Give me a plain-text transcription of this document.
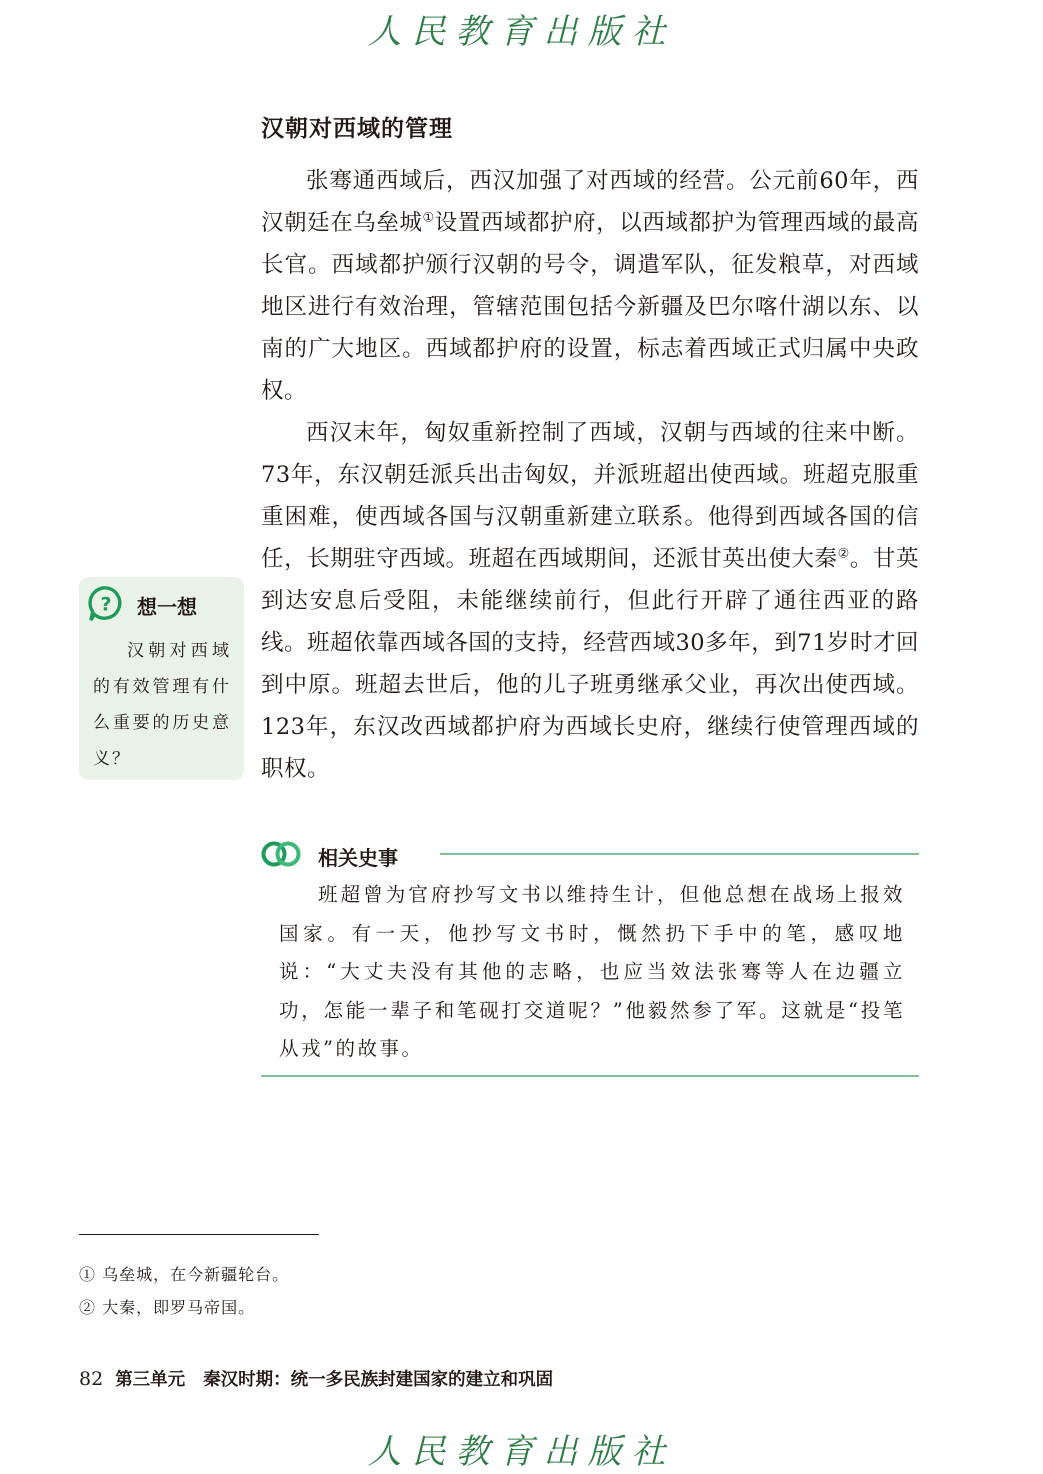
人民教育出版社
汉朝对西域的管理

张骞通西域后，西汉加强了对西域的经营。公元前60年，西汉朝廷在乌垒城①设置西域都护府，以西域都护为管理西域的最高长官。西域都护颁行汉朝的号令，调遣军队，征发粮草，对西域地区进行有效治理，管辖范围包括今新疆及巴尔喀什湖以东、以南的广大地区。西域都护府的设置，标志着西域正式归属中央政权。

西汉末年，匈奴重新控制了西域，汉朝与西域的往来中断。73年，东汉朝廷派兵出击匈奴，并派班超出使西域。班超克服重重困难，使西域各国与汉朝重新建立联系。他得到西域各国的信任，长期驻守西域。班超在西域期间，还派甘英出使大秦②。甘英到达安息后受阻，未能继续前行，但此行开辟了通往西亚的路线。班超依靠西域各国的支持，经营西域30多年，到71岁时才回到中原。班超去世后，他的儿子班勇继承父业，再次出使西域。123年，东汉改西域都护府为西域长史府，继续行使管理西域的职权。

? 想一想
汉朝对西域的有效管理有什么重要的历史意义？
相关史事
班超曾为官府抄写文书以维持生计，但他总想在战场上报效国家。有一天，他抄写文书时，慨然扔下手中的笔，感叹地说：“大丈夫没有其他的志略，也应当效法张骞等人在边疆立功，怎能一辈子和笔砚打交道呢？”他毅然参了军。这就是“投笔从戎”的故事。
① 乌垒城，在今新疆轮台。
② 大秦，即罗马帝国。
82 第三单元 秦汉时期：统一多民族封建国家的建立和巩固
人民教育出版社
